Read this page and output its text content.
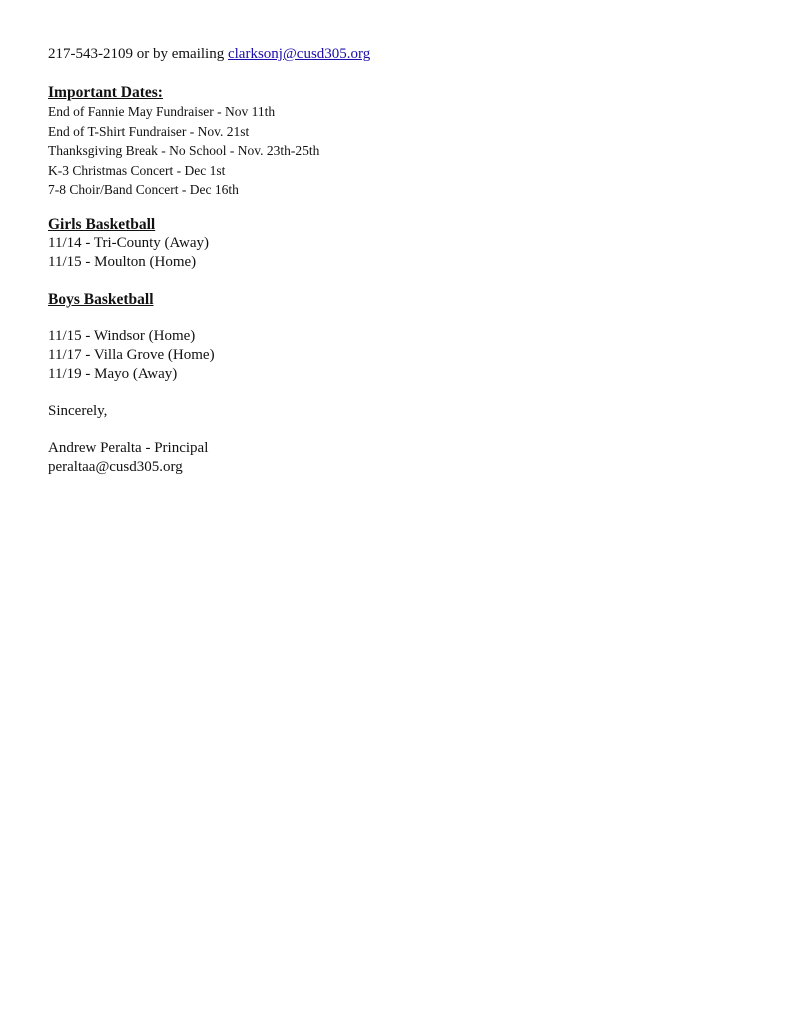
217-543-2109 or by emailing clarksonj@cusd305.org
Important Dates:
End of Fannie May Fundraiser - Nov 11th
End of T-Shirt Fundraiser - Nov. 21st
Thanksgiving Break - No School - Nov. 23th-25th
K-3 Christmas Concert - Dec 1st
7-8 Choir/Band Concert - Dec 16th
Girls Basketball
11/14 - Tri-County (Away)
11/15 - Moulton (Home)
Boys Basketball
11/15 - Windsor (Home)
11/17 - Villa Grove (Home)
11/19 - Mayo (Away)
Sincerely,
Andrew Peralta - Principal
peraltaa@cusd305.org
